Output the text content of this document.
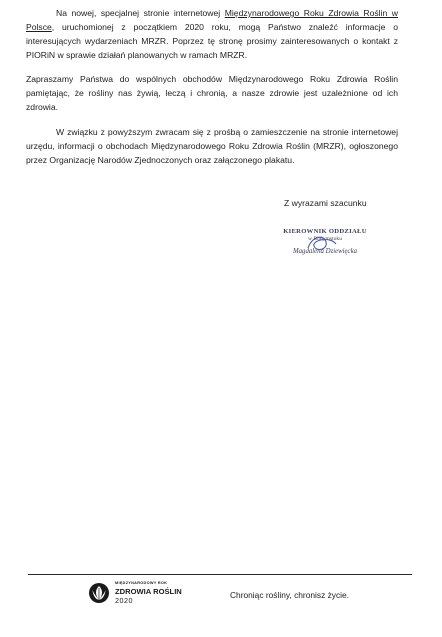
Na nowej, specjalnej stronie internetowej Międzynarodowego Roku Zdrowia Roślin w Polsce, uruchomionej z początkiem 2020 roku, mogą Państwo znaleźć informacje o interesujących wydarzeniach MRZR. Poprzez tę stronę prosimy zainteresowanych o kontakt z PIORiN w sprawie działań planowanych w ramach MRZR.

Zapraszamy Państwa do wspólnych obchodów Międzynarodowego Roku Zdrowia Roślin pamiętając, że rośliny nas żywią, leczą i chronią, a nasze zdrowie jest uzależnione od ich zdrowia.

W związku z powyższym zwracam się z prośbą o zamieszczenie na stronie internetowej urzędu, informacji o obchodach Międzynarodowego Roku Zdrowia Roślin (MRZR), ogłoszonego przez Organizację Narodów Zjednoczonych oraz załączonego plakatu.

Z wyrazami szacunku
KIEROWNIK ODDZIAŁU
w Białymstoku
Magdalena Dziewięcka
MIĘDZYNARODOWY ROK
ZDROWIA ROŚLIN
2020
Chroniąc rośliny, chronisz życie.
